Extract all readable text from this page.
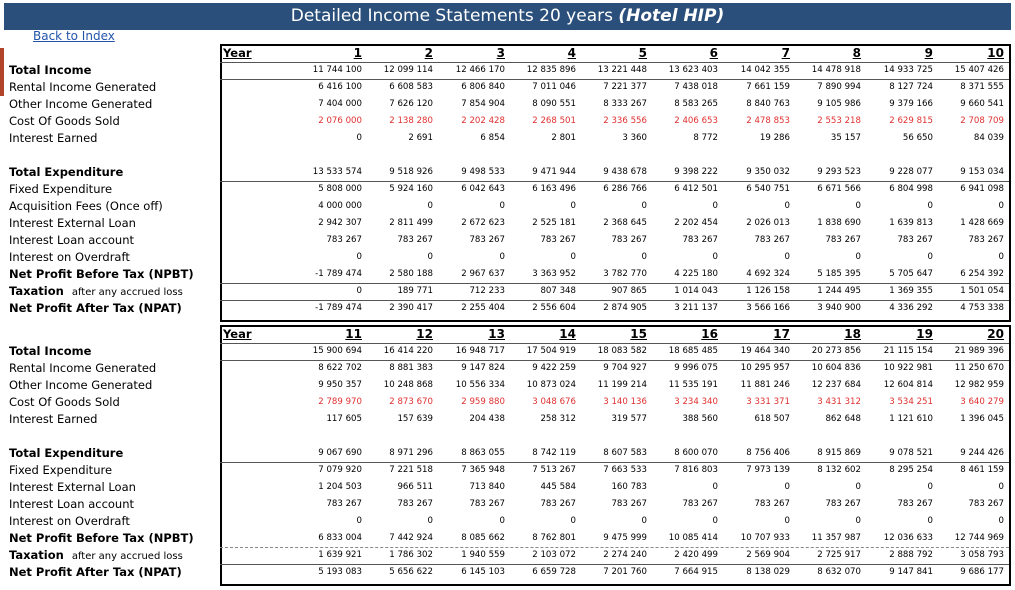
Detailed Income Statements 20 years (Hotel HIP)
Back to Index
Year	1	2	3	4	5	6	7	8	9	10
Total Income	11 744 100	12 099 114	12 466 170	12 835 896	13 221 448	13 623 403	14 042 355	14 478 918	14 933 725	15 407 426
Rental Income Generated	6 416 100	6 608 583	6 806 840	7 011 046	7 221 377	7 438 018	7 661 159	7 890 994	8 127 724	8 371 555
Other Income Generated	7 404 000	7 626 120	7 854 904	8 090 551	8 333 267	8 583 265	8 840 763	9 105 986	9 379 166	9 660 541
Cost Of Goods Sold	2 076 000	2 138 280	2 202 428	2 268 501	2 336 556	2 406 653	2 478 853	2 553 218	2 629 815	2 708 709
Interest Earned	0	2 691	6 854	2 801	3 360	8 772	19 286	35 157	56 650	84 039
Total Expenditure	13 533 574	9 518 926	9 498 533	9 471 944	9 438 678	9 398 222	9 350 032	9 293 523	9 228 077	9 153 034
Fixed Expenditure	5 808 000	5 924 160	6 042 643	6 163 496	6 286 766	6 412 501	6 540 751	6 671 566	6 804 998	6 941 098
Acquisition Fees (Once off)	4 000 000	0	0	0	0	0	0	0	0	0
Interest External Loan	2 942 307	2 811 499	2 672 623	2 525 181	2 368 645	2 202 454	2 026 013	1 838 690	1 639 813	1 428 669
Interest Loan account	783 267	783 267	783 267	783 267	783 267	783 267	783 267	783 267	783 267	783 267
Interest on Overdraft	0	0	0	0	0	0	0	0	0	0
Net Profit Before Tax (NPBT)	-1 789 474	2 580 188	2 967 637	3 363 952	3 782 770	4 225 180	4 692 324	5 185 395	5 705 647	6 254 392
Taxation after any accrued loss	0	189 771	712 233	807 348	907 865	1 014 043	1 126 158	1 244 495	1 369 355	1 501 054
Net Profit After Tax (NPAT)	-1 789 474	2 390 417	2 255 404	2 556 604	2 874 905	3 211 137	3 566 166	3 940 900	4 336 292	4 753 338
Year	11	12	13	14	15	16	17	18	19	20
Total Income	15 900 694	16 414 220	16 948 717	17 504 919	18 083 582	18 685 485	19 464 340	20 273 856	21 115 154	21 989 396
Rental Income Generated	8 622 702	8 881 383	9 147 824	9 422 259	9 704 927	9 996 075	10 295 957	10 604 836	10 922 981	11 250 670
Other Income Generated	9 950 357	10 248 868	10 556 334	10 873 024	11 199 214	11 535 191	11 881 246	12 237 684	12 604 814	12 982 959
Cost Of Goods Sold	2 789 970	2 873 670	2 959 880	3 048 676	3 140 136	3 234 340	3 331 371	3 431 312	3 534 251	3 640 279
Interest Earned	117 605	157 639	204 438	258 312	319 577	388 560	618 507	862 648	1 121 610	1 396 045
Total Expenditure	9 067 690	8 971 296	8 863 055	8 742 119	8 607 583	8 600 070	8 756 406	8 915 869	9 078 521	9 244 426
Fixed Expenditure	7 079 920	7 221 518	7 365 948	7 513 267	7 663 533	7 816 803	7 973 139	8 132 602	8 295 254	8 461 159
Interest External Loan	1 204 503	966 511	713 840	445 584	160 783	0	0	0	0	0
Interest Loan account	783 267	783 267	783 267	783 267	783 267	783 267	783 267	783 267	783 267	783 267
Interest on Overdraft	0	0	0	0	0	0	0	0	0	0
Net Profit Before Tax (NPBT)	6 833 004	7 442 924	8 085 662	8 762 801	9 475 999	10 085 414	10 707 933	11 357 987	12 036 633	12 744 969
Taxation after any accrued loss	1 639 921	1 786 302	1 940 559	2 103 072	2 274 240	2 420 499	2 569 904	2 725 917	2 888 792	3 058 793
Net Profit After Tax (NPAT)	5 193 083	5 656 622	6 145 103	6 659 728	7 201 760	7 664 915	8 138 029	8 632 070	9 147 841	9 686 177
